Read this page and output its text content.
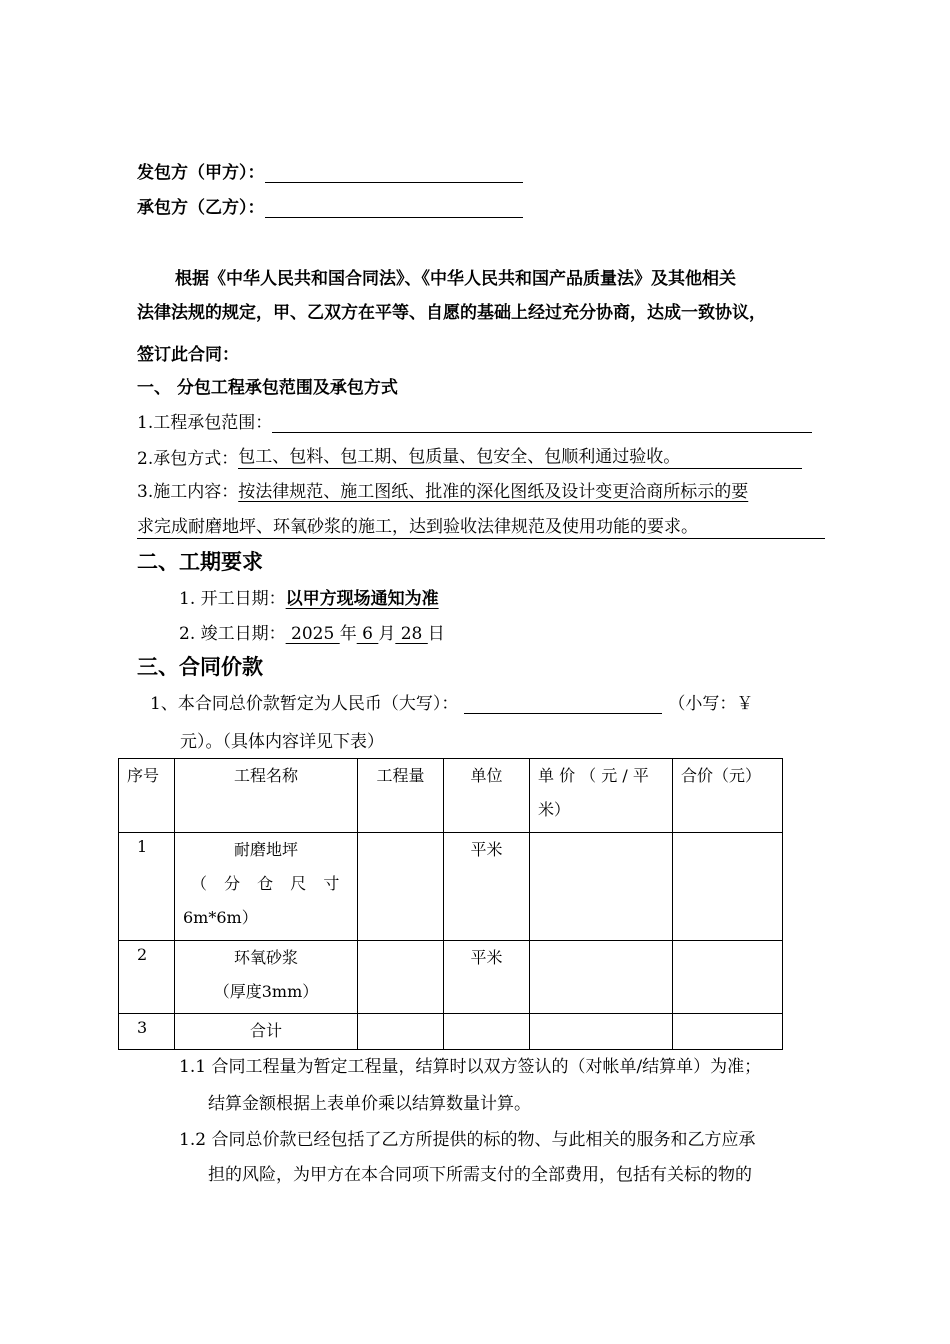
发包方（甲方）：
承包方（乙方）：
根据《中华人民共和国合同法》、《中华人民共和国产品质量法》及其他相关
法律法规的规定，甲、乙双方在平等、自愿的基础上经过充分协商，达成一致协议，
签订此合同：
一、 分包工程承包范围及承包方式
1.工程承包范围：
2.承包方式： 包工、包料、包工期、包质量、包安全、包顺利通过验收。
3.施工内容： 按法律规范、施工图纸、批准的深化图纸及设计变更洽商所标示的要
求完成耐磨地坪、环氧砂浆的施工，达到验收法律规范及使用功能的要求。
二、工期要求
1. 开工日期：以甲方现场通知为准
2. 竣工日期： 2025 年 6 月 28 日
三、合同价款
1、本合同总价款暂定为人民币（大写）：	（小写：￥
元）。（具体内容详见下表）
序号	工程名称	工程量	单位	单 价 （ 元 / 平
米）	合价（元）
1	耐磨地坪
（ 分 仓 尺 寸
6m*6m）		平米		
2	环氧砂浆
（厚度3mm）		平米		
3	合计				
1.1 合同工程量为暂定工程量，结算时以双方签认的（对帐单/结算单）为准；
结算金额根据上表单价乘以结算数量计算。
1.2 合同总价款已经包括了乙方所提供的标的物、与此相关的服务和乙方应承
担的风险，为甲方在本合同项下所需支付的全部费用，包括有关标的物的
